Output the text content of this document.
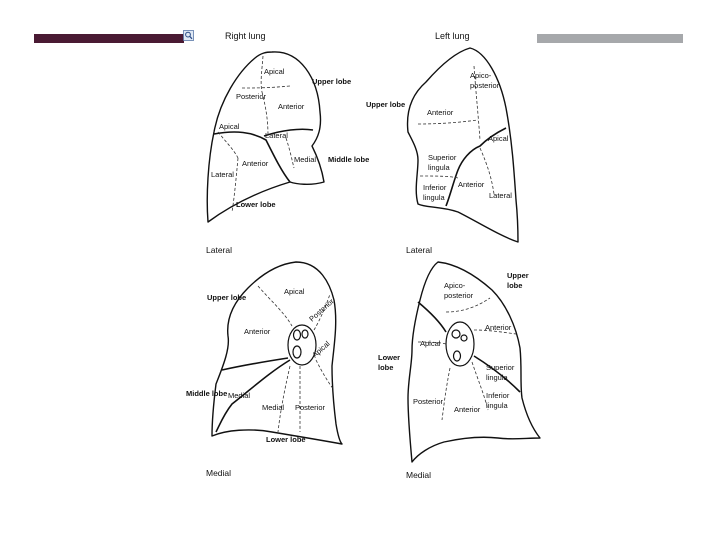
Right lung
Apical
Posterior
Anterior
Apical
Lateral
Anterior
Lateral
Medial
Upper lobe
Middle lobe
Lower lobe
Lateral
Left lung
Apico-
posterior
Anterior
Apical
Superior
lingula
Inferior
lingula
Anterior
Lateral
Upper lobe
Lateral
Apical
Posterior
Anterior
Apical
Medial
Medial Posterior
Upper lobe
Middle lobe
Lower lobe
Medial
Apico-
posterior
Anterior
Apical
Superior
lingula
Inferior
lingula
Posterior
Anterior
Upper
lobe
Lower
lobe
Medial
